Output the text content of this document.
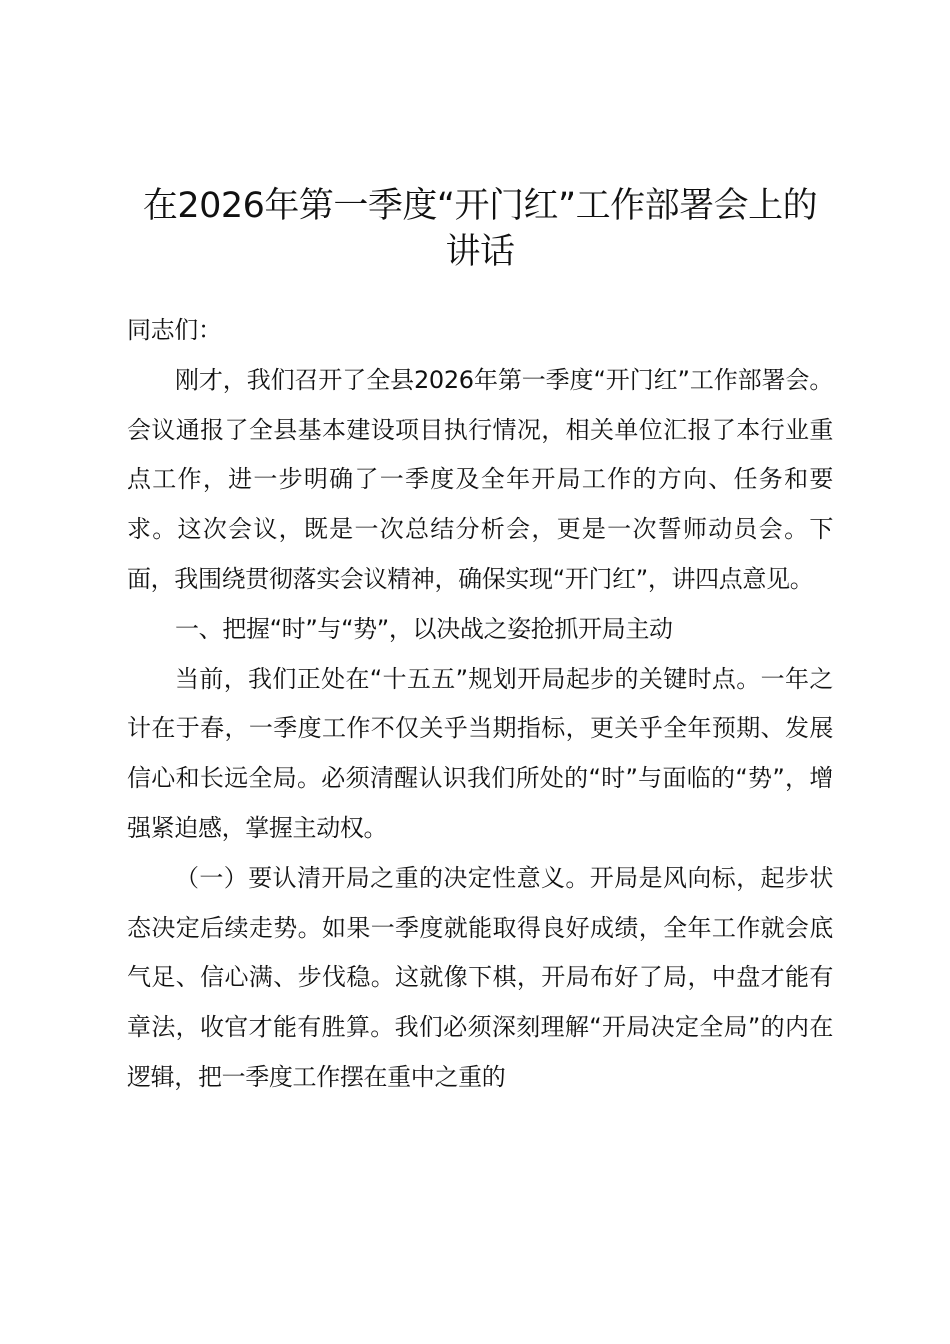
在2026年第一季度“开门红”工作部署会上的讲话

同志们：

刚才，我们召开了全县2026年第一季度“开门红”工作部署会。会议通报了全县基本建设项目执行情况，相关单位汇报了本行业重点工作，进一步明确了一季度及全年开局工作的方向、任务和要求。这次会议，既是一次总结分析会，更是一次誓师动员会。下面，我围绕贯彻落实会议精神，确保实现“开门红”，讲四点意见。

一、把握“时”与“势”，以决战之姿抢抓开局主动

当前，我们正处在“十五五”规划开局起步的关键时点。一年之计在于春，一季度工作不仅关乎当期指标，更关乎全年预期、发展信心和长远全局。必须清醒认识我们所处的“时”与面临的“势”，增强紧迫感，掌握主动权。

（一）要认清开局之重的决定性意义。开局是风向标，起步状态决定后续走势。如果一季度就能取得良好成绩，全年工作就会底气足、信心满、步伐稳。这就像下棋，开局布好了局，中盘才能有章法，收官才能有胜算。我们必须深刻理解“开局决定全局”的内在逻辑，把一季度工作摆在重中之重的
